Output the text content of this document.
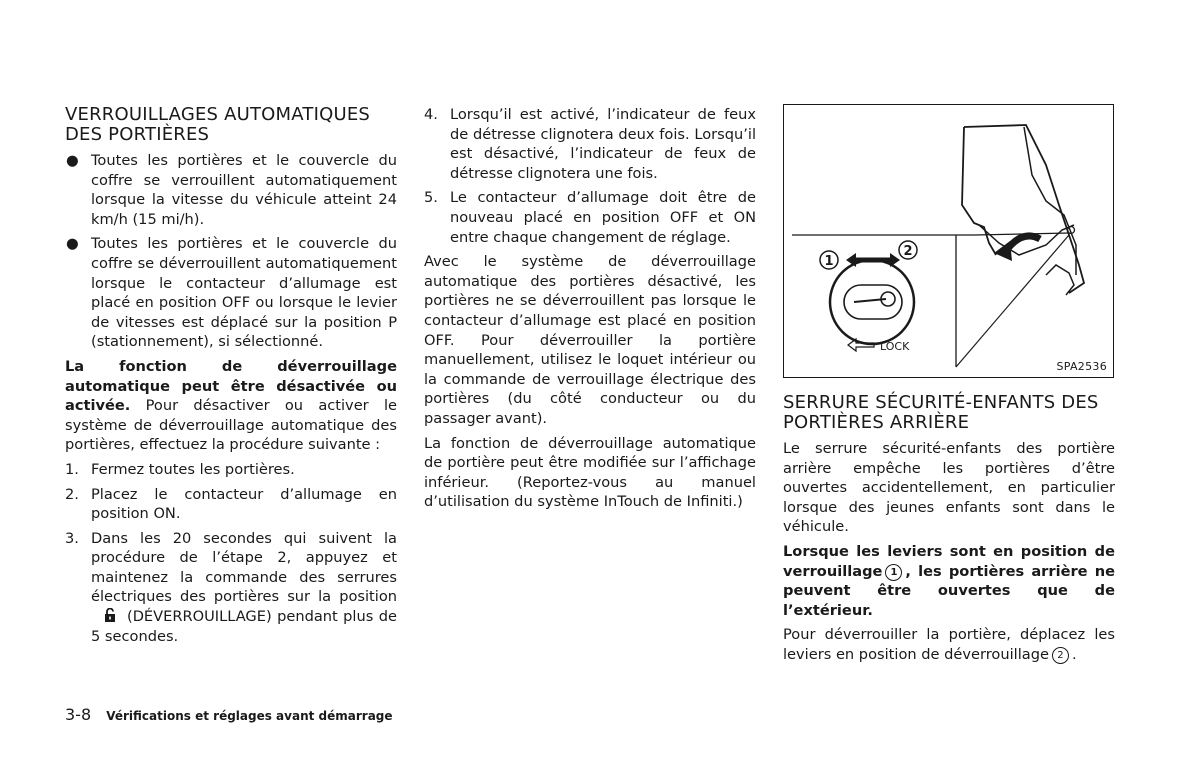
VERROUILLAGES AUTOMATIQUES DES PORTIÈRES
● Toutes les portières et le couvercle du coffre se verrouillent automatiquement lorsque la vitesse du véhicule atteint 24 km/h (15 mi/h).
● Toutes les portières et le couvercle du coffre se déverrouillent automatiquement lorsque le contacteur d’allumage est placé en position OFF ou lorsque le levier de vitesses est déplacé sur la position P (stationnement), si sélectionné.

La fonction de déverrouillage automatique peut être désactivée ou activée. Pour désactiver ou activer le système de déverrouillage automatique des portières, effectuez la procédure suivante :

1. Fermez toutes les portières.
2. Placez le contacteur d’allumage en position ON.
3. Dans les 20 secondes qui suivent la procédure de l’étape 2, appuyez et maintenez la commande des serrures électriques des portières sur la position (DÉVERROUILLAGE) pendant plus de 5 secondes.
4. Lorsqu’il est activé, l’indicateur de feux de détresse clignotera deux fois. Lorsqu’il est désactivé, l’indicateur de feux de détresse clignotera une fois.
5. Le contacteur d’allumage doit être de nouveau placé en position OFF et ON entre chaque changement de réglage.

Avec le système de déverrouillage automatique des portières désactivé, les portières ne se déverrouillent pas lorsque le contacteur d’allumage est placé en position OFF. Pour déverrouiller la portière manuellement, utilisez le loquet intérieur ou la commande de verrouillage électrique des portières (du côté conducteur ou du passager avant).

La fonction de déverrouillage automatique de portière peut être modifiée sur l’affichage inférieur. (Reportez-vous au manuel d’utilisation du système InTouch de Infiniti.)

1
2
LOCK
SPA2536
SERRURE SÉCURITÉ-ENFANTS DES PORTIÈRES ARRIÈRE

Le serrure sécurité-enfants des portière arrière empêche les portières d’être ouvertes accidentellement, en particulier lorsque des jeunes enfants sont dans le véhicule.

Lorsque les leviers sont en position de verrouillage 1 , les portières arrière ne peuvent être ouvertes que de l’extérieur.

Pour déverrouiller la portière, déplacez les leviers en position de déverrouillage 2 .

3-8 Vérifications et réglages avant démarrage
